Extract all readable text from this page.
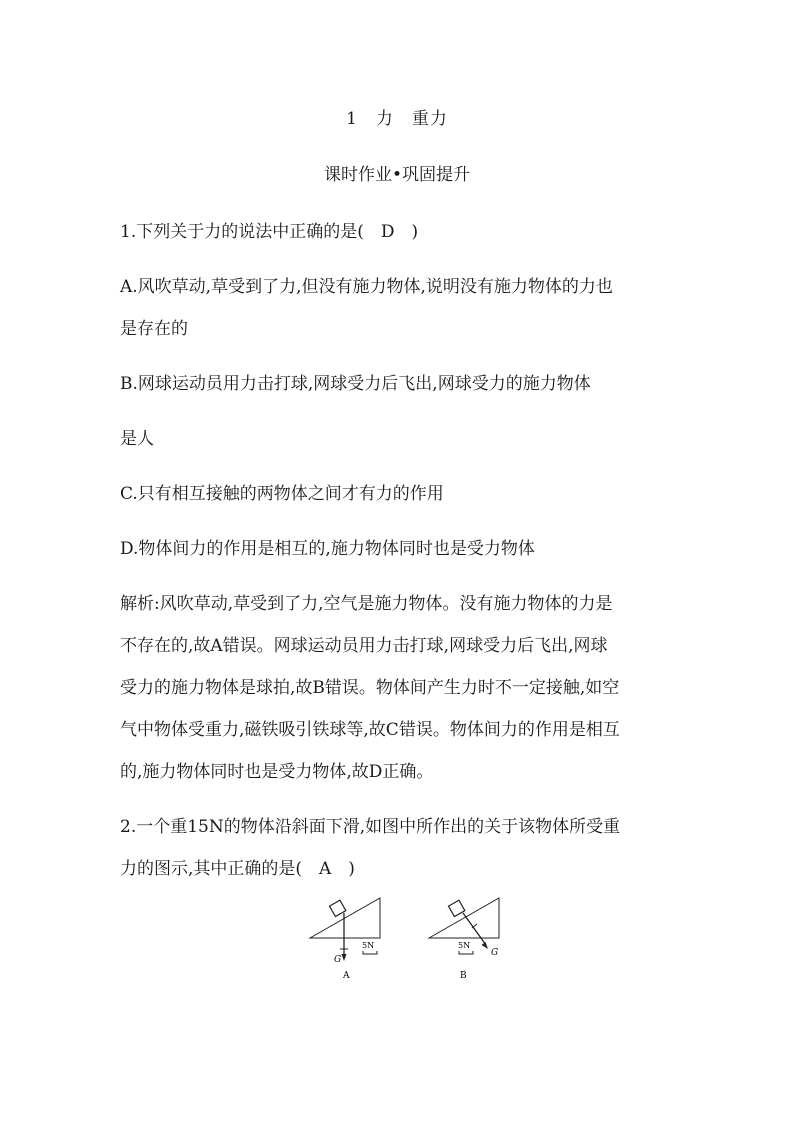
1　力　重力
课时作业•巩固提升
1.下列关于力的说法中正确的是(　D　)
A.风吹草动,草受到了力,但没有施力物体,说明没有施力物体的力也
是存在的
B.网球运动员用力击打球,网球受力后飞出,网球受力的施力物体
是人
C.只有相互接触的两物体之间才有力的作用
D.物体间力的作用是相互的,施力物体同时也是受力物体
解析:风吹草动,草受到了力,空气是施力物体。没有施力物体的力是
不存在的,故A错误。网球运动员用力击打球,网球受力后飞出,网球
受力的施力物体是球拍,故B错误。物体间产生力时不一定接触,如空
气中物体受重力,磁铁吸引铁球等,故C错误。物体间力的作用是相互
的,施力物体同时也是受力物体,故D正确。
2.一个重15N的物体沿斜面下滑,如图中所作出的关于该物体所受重
力的图示,其中正确的是(　A　)
G
5N
A
G
5N
B
